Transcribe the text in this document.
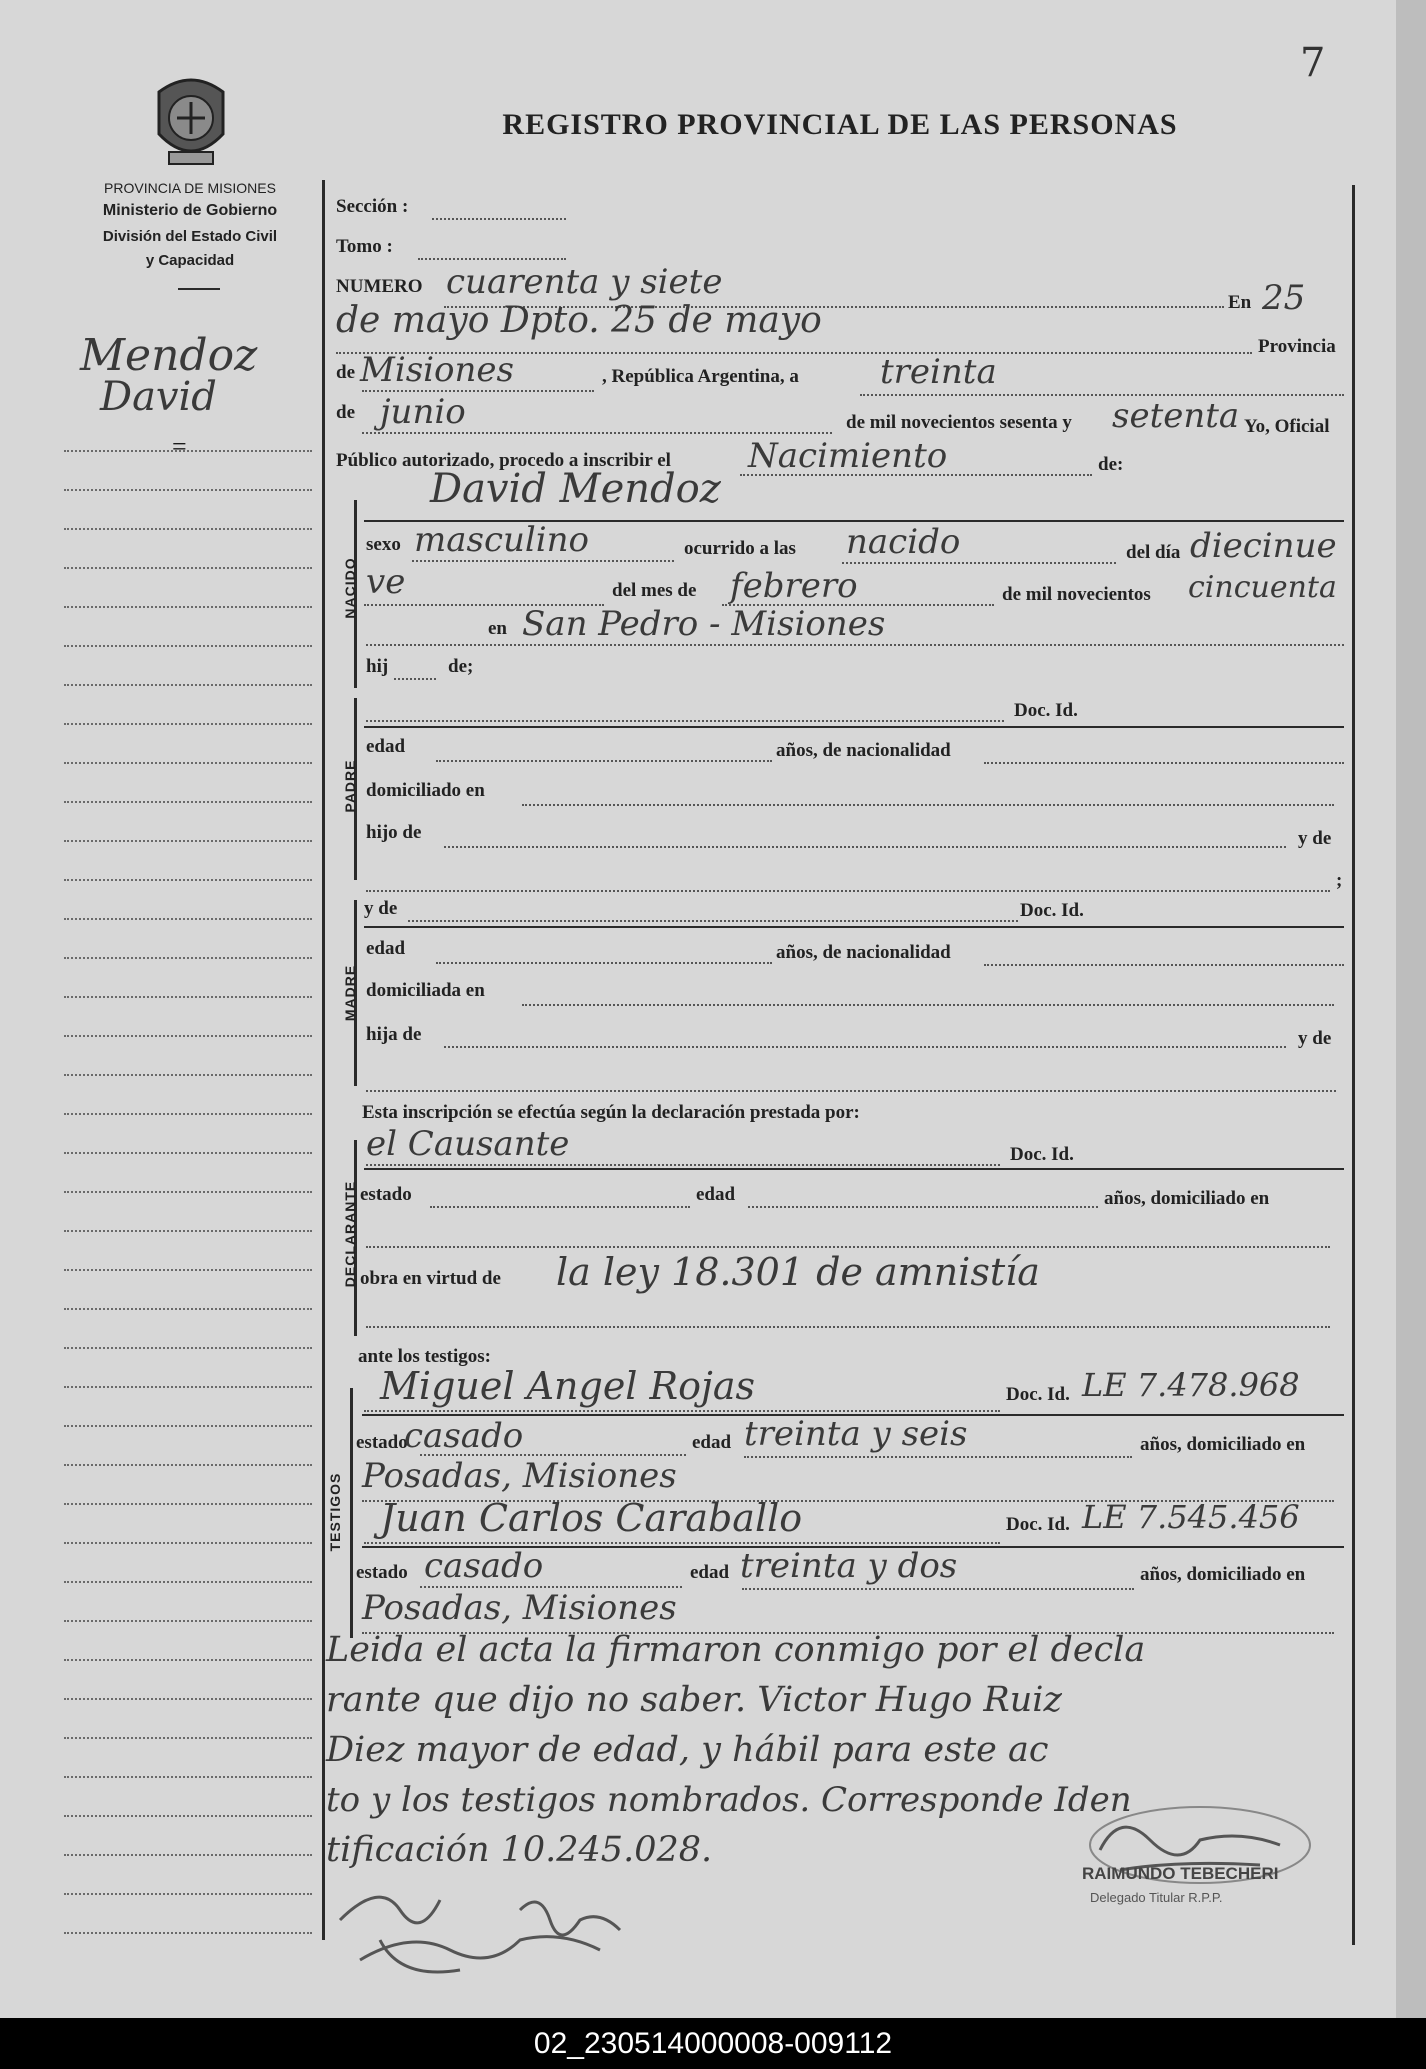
7
PROVINCIA DE MISIONES
Ministerio de Gobierno
División del Estado Civil
y Capacidad
Mendoz
David
=
REGISTRO PROVINCIAL DE LAS PERSONAS
Sección :
Tomo :
NUMERO cuarenta y siete
En 25
de mayo Dpto. 25 de mayo
Provincia
de Misiones	, República Argentina, a treinta
de junio	de mil novecientos sesenta y setenta Yo, Oficial
Público autorizado, procedo a inscribir el Nacimiento	de:
NACIDO
David Mendoz
sexo masculino	ocurrido a las nacido	del día diecinue
ve	del mes de febrero	de mil novecientos cincuenta
en San Pedro - Misiones
hij	de;
PADRE
Doc. Id.
edad	años, de nacionalidad
domiciliado en
hijo de	y de
;
MADRE
y de	Doc. Id.
edad	años, de nacionalidad
domiciliada en
hija de	y de
Esta inscripción se efectúa según la declaración prestada por:
DECLARANTE
el Causante	Doc. Id.
estado	edad	años, domiciliado en
obra en virtud de la ley 18.301 de amnistía
ante los testigos:
TESTIGOS
Miguel Angel Rojas	Doc. Id. LE 7.478.968
estado
casado	edad treinta y seis	años, domiciliado en
Posadas, Misiones
Juan Carlos Caraballo	Doc. Id. LE 7.545.456
estado casado	edad treinta y dos	años, domiciliado en
Posadas, Misiones
Leida el acta la firmaron conmigo por el decla
rante que dijo no saber. Victor Hugo Ruiz
Diez mayor de edad, y hábil para este ac
to y los testigos nombrados. Corresponde Iden
tificación 10.245.028.
RAIMUNDO TEBECHERI
Delegado Titular R.P.P.
02_230514000008-009112
